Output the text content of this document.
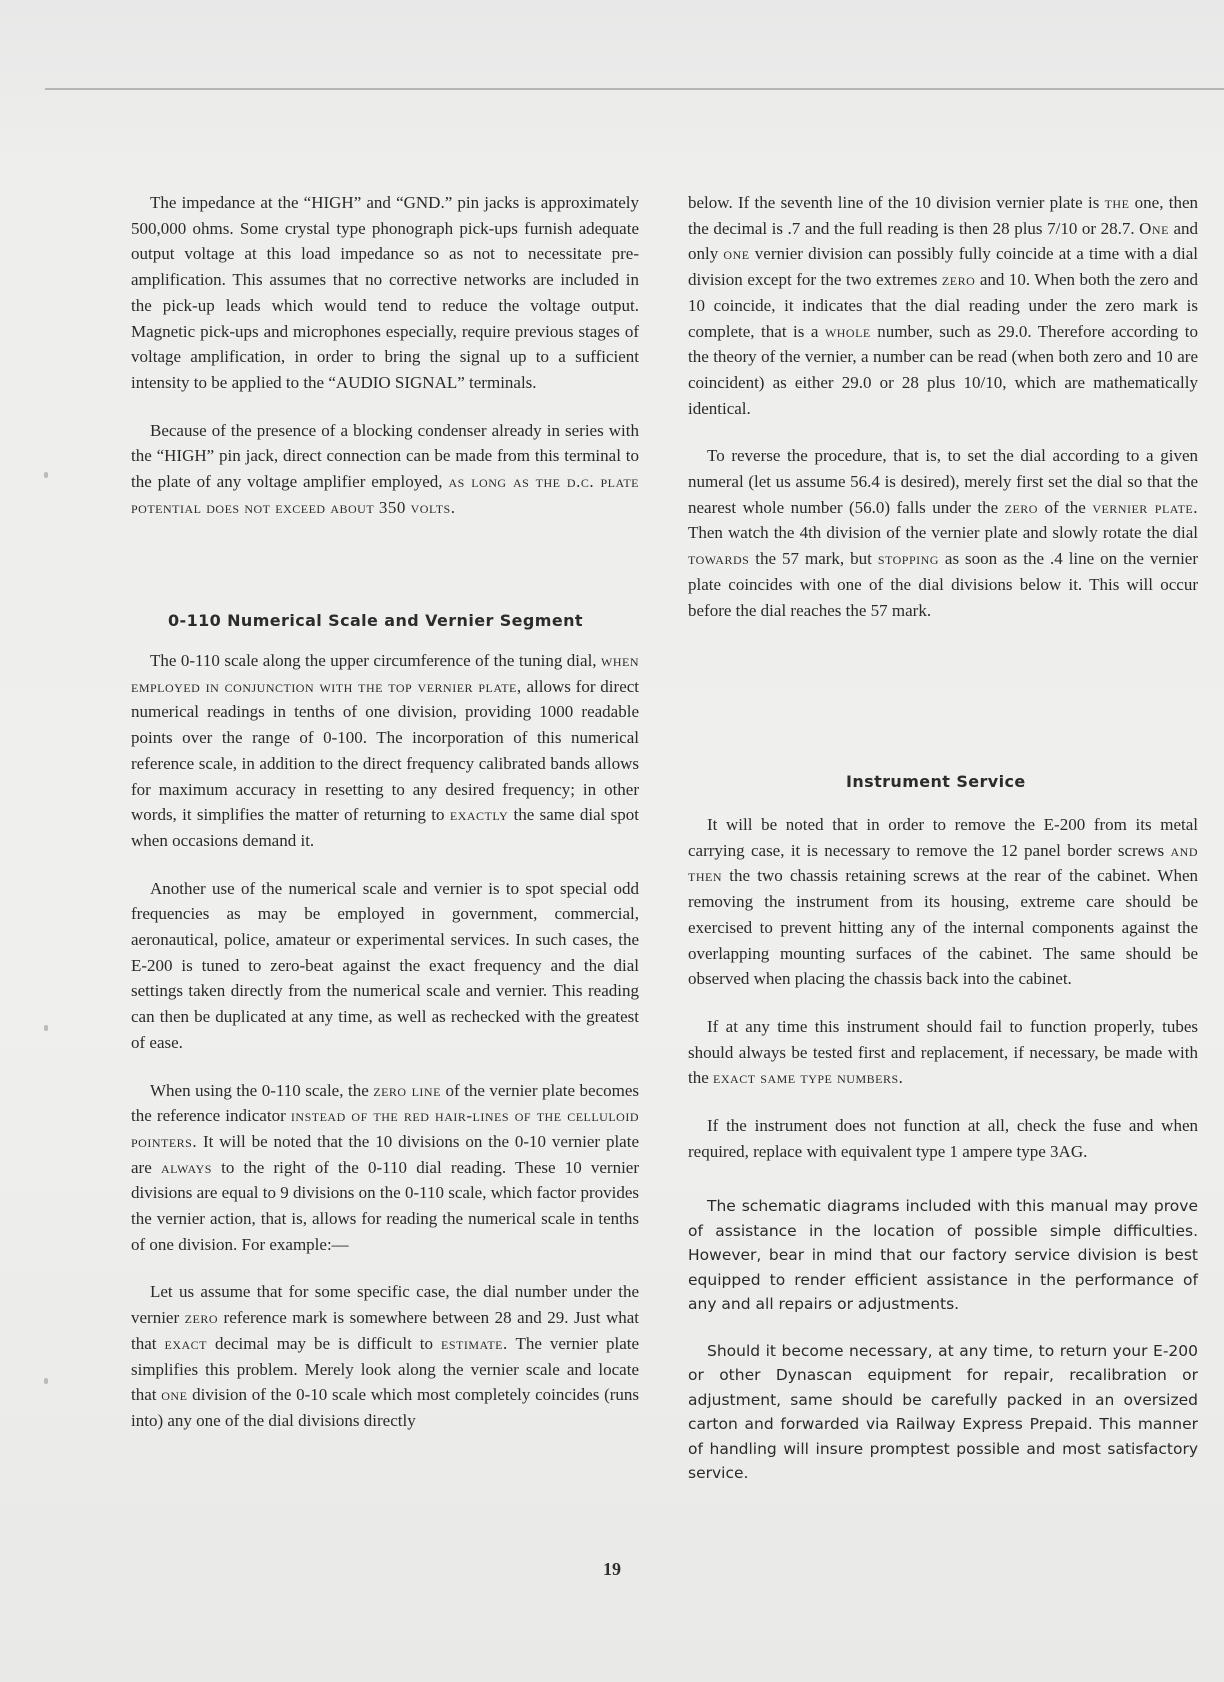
The impedance at the “HIGH” and “GND.” pin jacks is approximately 500,000 ohms. Some crystal type phonograph pick-ups furnish adequate output voltage at this load impedance so as not to necessitate pre-amplification. This assumes that no corrective networks are included in the pick-up leads which would tend to reduce the voltage output. Magnetic pick-ups and microphones especially, require previous stages of voltage amplification, in order to bring the signal up to a sufficient intensity to be applied to the “AUDIO SIGNAL” terminals.

Because of the presence of a blocking condenser already in series with the “HIGH” pin jack, direct connection can be made from this terminal to the plate of any voltage amplifier employed, as long as the d.c. plate potential does not exceed about 350 volts.

0-110 Numerical Scale and Vernier Segment

The 0-110 scale along the upper circumference of the tuning dial, when employed in conjunction with the top vernier plate, allows for direct numerical readings in tenths of one division, providing 1000 readable points over the range of 0-100. The incorporation of this numerical reference scale, in addition to the direct frequency calibrated bands allows for maximum accuracy in resetting to any desired frequency; in other words, it simplifies the matter of returning to exactly the same dial spot when occasions demand it.

Another use of the numerical scale and vernier is to spot special odd frequencies as may be employed in government, commercial, aeronautical, police, amateur or experimental services. In such cases, the E-200 is tuned to zero-beat against the exact frequency and the dial settings taken directly from the numerical scale and vernier. This reading can then be duplicated at any time, as well as rechecked with the greatest of ease.

When using the 0-110 scale, the zero line of the vernier plate becomes the reference indicator instead of the red hair-lines of the celluloid pointers. It will be noted that the 10 divisions on the 0-10 vernier plate are always to the right of the 0-110 dial reading. These 10 vernier divisions are equal to 9 divisions on the 0-110 scale, which factor provides the vernier action, that is, allows for reading the numerical scale in tenths of one division. For example:—

Let us assume that for some specific case, the dial number under the vernier zero reference mark is somewhere between 28 and 29. Just what that exact decimal may be is difficult to estimate. The vernier plate simplifies this problem. Merely look along the vernier scale and locate that one division of the 0-10 scale which most completely coincides (runs into) any one of the dial divisions directly

below. If the seventh line of the 10 division vernier plate is the one, then the decimal is .7 and the full reading is then 28 plus 7/10 or 28.7. One and only one vernier division can possibly fully coincide at a time with a dial division except for the two extremes zero and 10. When both the zero and 10 coincide, it indicates that the dial reading under the zero mark is complete, that is a whole number, such as 29.0. Therefore according to the theory of the vernier, a number can be read (when both zero and 10 are coincident) as either 29.0 or 28 plus 10/10, which are mathematically identical.

To reverse the procedure, that is, to set the dial according to a given numeral (let us assume 56.4 is desired), merely first set the dial so that the nearest whole number (56.0) falls under the zero of the vernier plate. Then watch the 4th division of the vernier plate and slowly rotate the dial towards the 57 mark, but stopping as soon as the .4 line on the vernier plate coincides with one of the dial divisions below it. This will occur before the dial reaches the 57 mark.

Instrument Service

It will be noted that in order to remove the E-200 from its metal carrying case, it is necessary to remove the 12 panel border screws and then the two chassis retaining screws at the rear of the cabinet. When removing the instrument from its housing, extreme care should be exercised to prevent hitting any of the internal components against the overlapping mounting surfaces of the cabinet. The same should be observed when placing the chassis back into the cabinet.

If at any time this instrument should fail to function properly, tubes should always be tested first and replacement, if necessary, be made with the exact same type numbers.

If the instrument does not function at all, check the fuse and when required, replace with equivalent type 1 ampere type 3AG.

The schematic diagrams included with this manual may prove of assistance in the location of possible simple difficulties. However, bear in mind that our factory service division is best equipped to render efficient assistance in the performance of any and all repairs or adjustments.

Should it become necessary, at any time, to return your E-200 or other Dynascan equipment for repair, recalibration or adjustment, same should be carefully packed in an oversized carton and forwarded via Railway Express Prepaid. This manner of handling will insure promptest possible and most satisfactory service.

19
